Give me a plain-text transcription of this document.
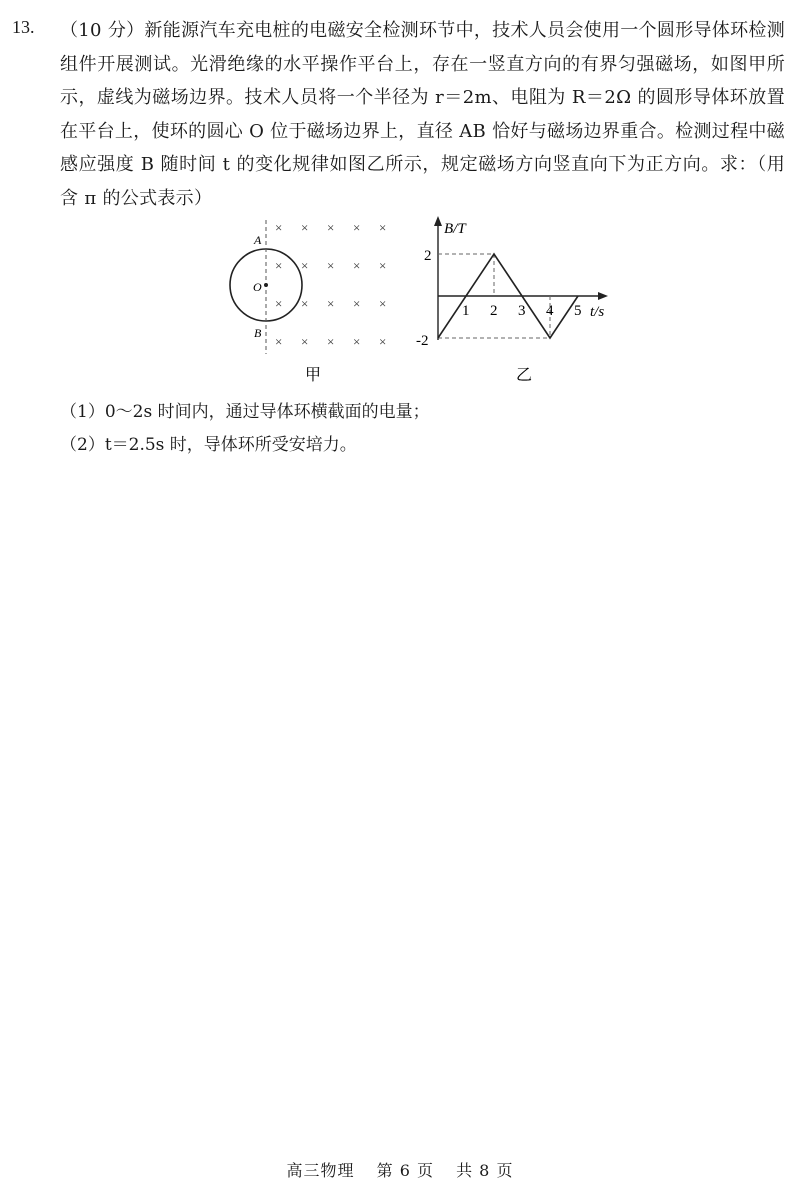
13. （10 分）新能源汽车充电桩的电磁安全检测环节中，技术人员会使用一个圆形导体环检测组件开展测试。光滑绝缘的水平操作平台上，存在一竖直方向的有界匀强磁场，如图甲所示，虚线为磁场边界。技术人员将一个半径为 r＝2m、电阻为 R＝2Ω 的圆形导体环放置在平台上，使环的圆心 O 位于磁场边界上，直径 AB 恰好与磁场边界重合。检测过程中磁感应强度 B 随时间 t 的变化规律如图乙所示，规定磁场方向竖直向下为正方向。求：（用含 π 的公式表示）
A
B
O
× × × × ×
× × × × ×
× × × × ×
× × × × ×
甲
B/T
t/s
2
-2
1 2 3 4 5
乙
（1）0～2s 时间内，通过导体环横截面的电量；
（2）t＝2.5s 时，导体环所受安培力。
高三物理 第 6 页 共 8 页
